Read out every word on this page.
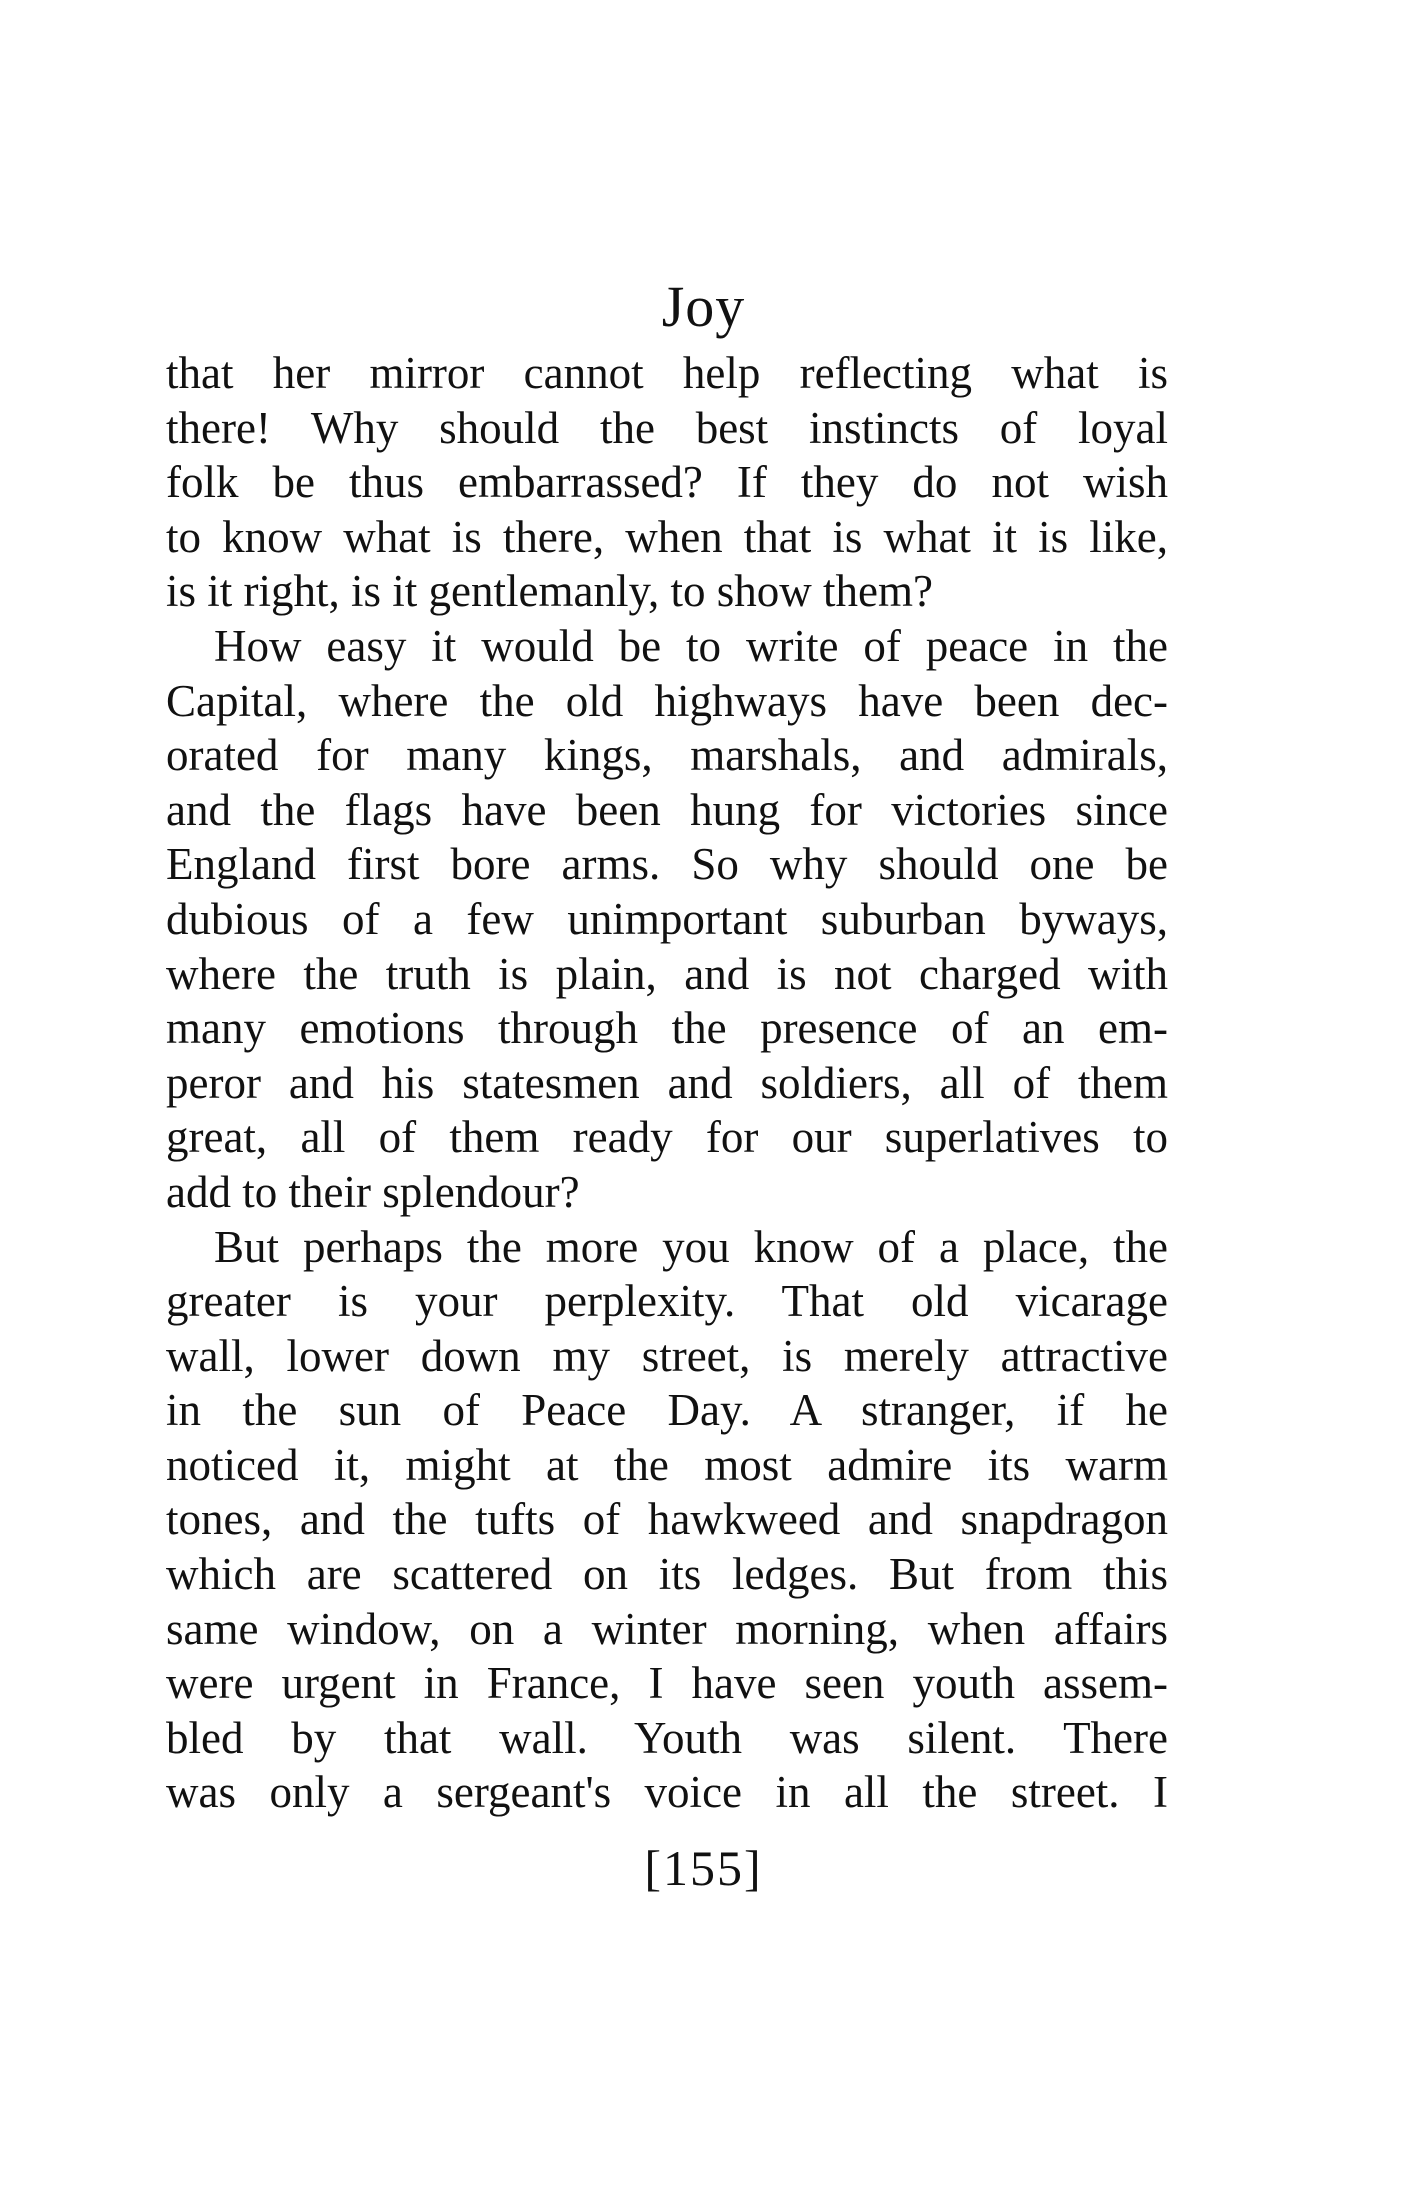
Joy
that her mirror cannot help reflecting what is
there! Why should the best instincts of loyal
folk be thus embarrassed? If they do not wish
to know what is there, when that is what it is like,
is it right, is it gentlemanly, to show them?
How easy it would be to write of peace in the
Capital, where the old highways have been dec-
orated for many kings, marshals, and admirals,
and the flags have been hung for victories since
England first bore arms. So why should one be
dubious of a few unimportant suburban byways,
where the truth is plain, and is not charged with
many emotions through the presence of an em-
peror and his statesmen and soldiers, all of them
great, all of them ready for our superlatives to
add to their splendour?
But perhaps the more you know of a place, the
greater is your perplexity. That old vicarage
wall, lower down my street, is merely attractive
in the sun of Peace Day. A stranger, if he
noticed it, might at the most admire its warm
tones, and the tufts of hawkweed and snapdragon
which are scattered on its ledges. But from this
same window, on a winter morning, when affairs
were urgent in France, I have seen youth assem-
bled by that wall. Youth was silent. There
was only a sergeant's voice in all the street. I
[155]
